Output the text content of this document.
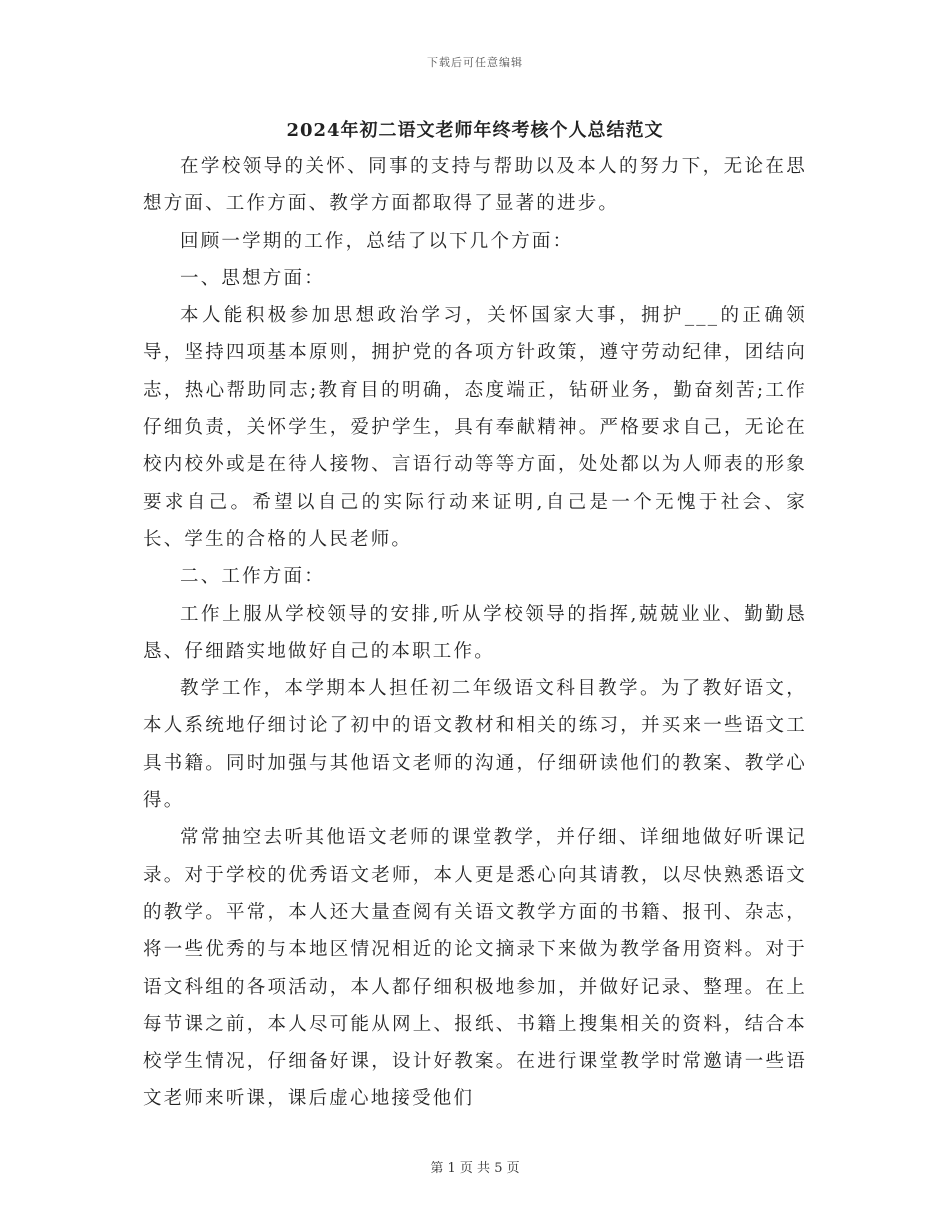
下载后可任意编辑
2024年初二语文老师年终考核个人总结范文

在学校领导的关怀、同事的支持与帮助以及本人的努力下，无论在思想方面、工作方面、教学方面都取得了显著的进步。

回顾一学期的工作，总结了以下几个方面：

一、思想方面：

本人能积极参加思想政治学习，关怀国家大事，拥护___的正确领导，坚持四项基本原则，拥护党的各项方针政策，遵守劳动纪律，团结向志，热心帮助同志;教育目的明确，态度端正，钻研业务，勤奋刻苦;工作仔细负责，关怀学生，爱护学生，具有奉献精神。严格要求自己，无论在校内校外或是在待人接物、言语行动等等方面，处处都以为人师表的形象要求自己。希望以自己的实际行动来证明,自己是一个无愧于社会、家长、学生的合格的人民老师。

二、工作方面：

工作上服从学校领导的安排,听从学校领导的指挥,兢兢业业、勤勤恳恳、仔细踏实地做好自己的本职工作。

教学工作，本学期本人担任初二年级语文科目教学。为了教好语文，本人系统地仔细讨论了初中的语文教材和相关的练习，并买来一些语文工具书籍。同时加强与其他语文老师的沟通，仔细研读他们的教案、教学心得。

常常抽空去听其他语文老师的课堂教学，并仔细、详细地做好听课记录。对于学校的优秀语文老师，本人更是悉心向其请教，以尽快熟悉语文的教学。平常，本人还大量查阅有关语文教学方面的书籍、报刊、杂志，将一些优秀的与本地区情况相近的论文摘录下来做为教学备用资料。对于语文科组的各项活动，本人都仔细积极地参加，并做好记录、整理。在上每节课之前，本人尽可能从网上、报纸、书籍上搜集相关的资料，结合本校学生情况，仔细备好课，设计好教案。在进行课堂教学时常邀请一些语文老师来听课，课后虚心地接受他们

第 1 页 共 5 页
